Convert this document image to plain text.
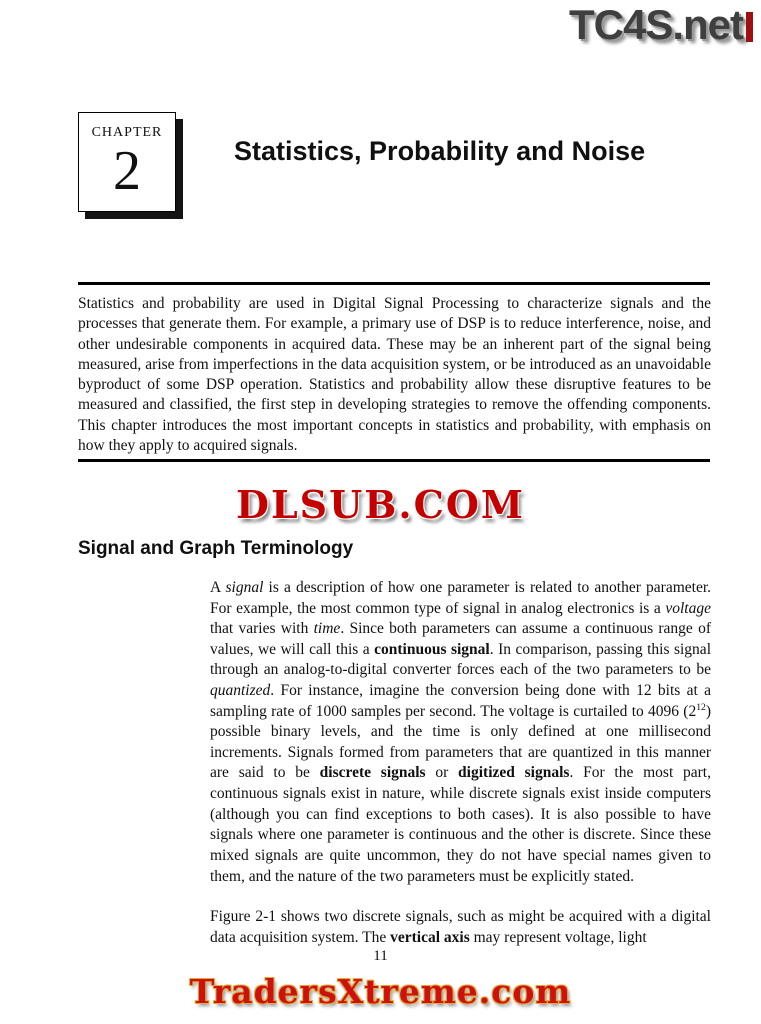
TC4S.net
CHAPTER
2	Statistics, Probability and Noise
Statistics and probability are used in Digital Signal Processing to characterize signals and the processes that generate them. For example, a primary use of DSP is to reduce interference, noise, and other undesirable components in acquired data. These may be an inherent part of the signal being measured, arise from imperfections in the data acquisition system, or be introduced as an unavoidable byproduct of some DSP operation. Statistics and probability allow these disruptive features to be measured and classified, the first step in developing strategies to remove the offending components. This chapter introduces the most important concepts in statistics and probability, with emphasis on how they apply to acquired signals.
DLSUB.COM
Signal and Graph Terminology

A signal is a description of how one parameter is related to another parameter. For example, the most common type of signal in analog electronics is a voltage that varies with time. Since both parameters can assume a continuous range of values, we will call this a continuous signal. In comparison, passing this signal through an analog-to-digital converter forces each of the two parameters to be quantized. For instance, imagine the conversion being done with 12 bits at a sampling rate of 1000 samples per second. The voltage is curtailed to 4096 $(2^{12})$ possible binary levels, and the time is only defined at one millisecond increments. Signals formed from parameters that are quantized in this manner are said to be discrete signals or digitized signals. For the most part, continuous signals exist in nature, while discrete signals exist inside computers (although you can find exceptions to both cases). It is also possible to have signals where one parameter is continuous and the other is discrete. Since these mixed signals are quite uncommon, they do not have special names given to them, and the nature of the two parameters must be explicitly stated.

Figure 2-1 shows two discrete signals, such as might be acquired with a digital data acquisition system. The vertical axis may represent voltage, light

11
TradersXtreme.com
